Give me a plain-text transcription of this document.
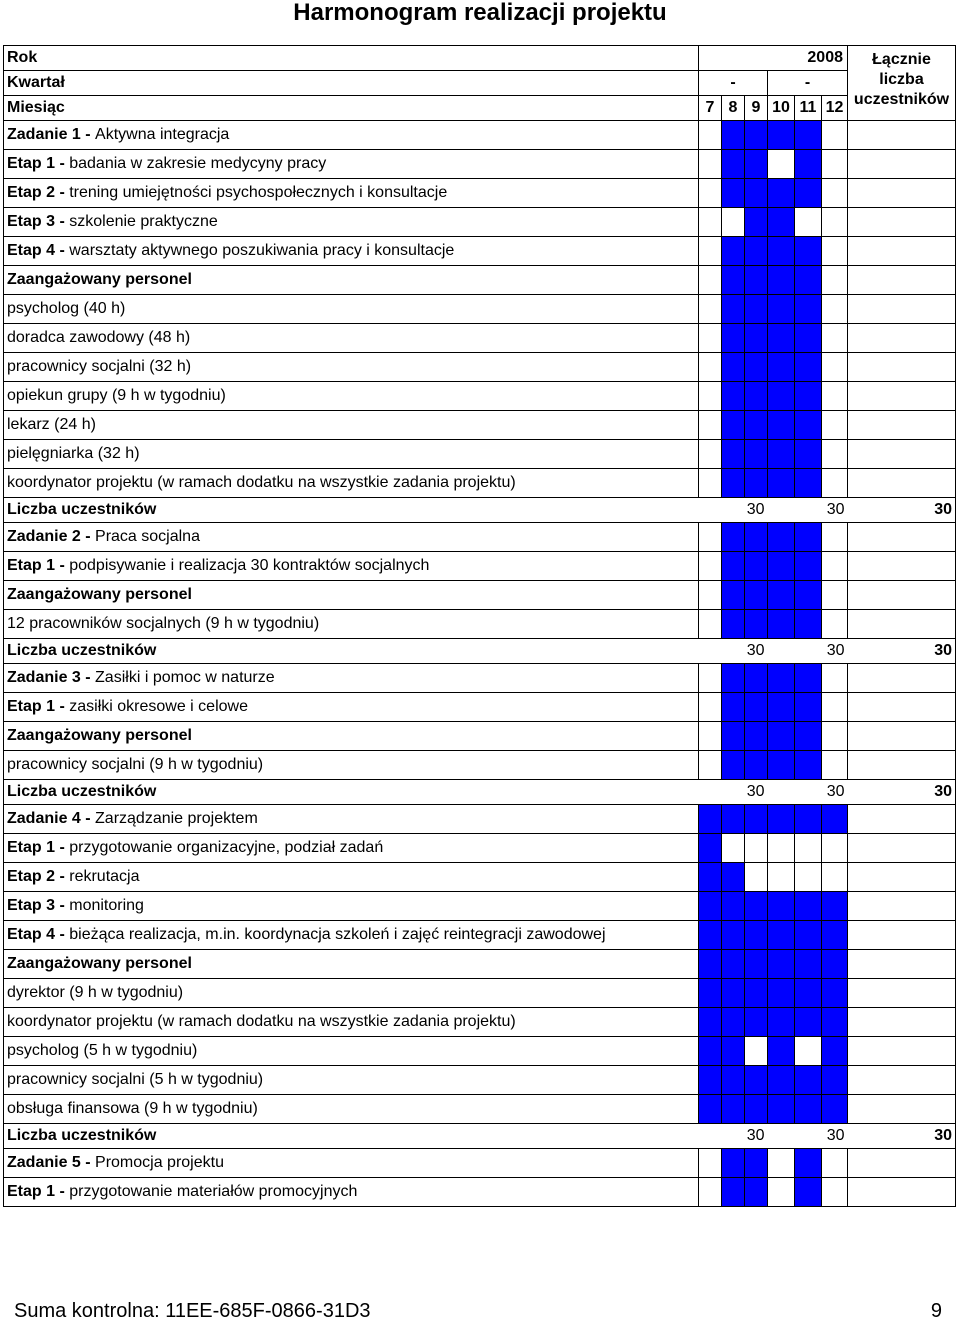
Harmonogram realizacji projektu
Rok	2008						Łącznie liczba uczestników
Kwartał	-			-			
Miesiąc	7	8	9	10	11	12	
Zadanie 1 - Aktywna integracja							
Etap 1 - badania w zakresie medycyny pracy							
Etap 2 - trening umiejętności psychospołecznych i konsultacje							
Etap 3 - szkolenie praktyczne							
Etap 4 - warsztaty aktywnego poszukiwania pracy i konsultacje							
Zaangażowany personel							
psycholog (40 h)							
doradca zawodowy (48 h)							
pracownicy socjalni (32 h)							
opiekun grupy (9 h w tygodniu)							
lekarz (24 h)							
pielęgniarka (32 h)							
koordynator projektu (w ramach dodatku na wszystkie zadania projektu)							
Liczba uczestników	30			30			30
Zadanie 2 - Praca socjalna							
Etap 1 - podpisywanie i realizacja 30 kontraktów socjalnych							
Zaangażowany personel							
12 pracowników socjalnych (9 h w tygodniu)							
Liczba uczestników	30			30			30
Zadanie 3 - Zasiłki i pomoc w naturze							
Etap 1 - zasiłki okresowe i celowe							
Zaangażowany personel							
pracownicy socjalni (9 h w tygodniu)							
Liczba uczestników	30			30			30
Zadanie 4 - Zarządzanie projektem							
Etap 1 - przygotowanie organizacyjne, podział zadań							
Etap 2 - rekrutacja							
Etap 3 - monitoring							
Etap 4 - bieżąca realizacja, m.in. koordynacja szkoleń i zajęć reintegracji zawodowej							
Zaangażowany personel							
dyrektor (9 h w tygodniu)							
koordynator projektu (w ramach dodatku na wszystkie zadania projektu)							
psycholog (5 h w tygodniu)							
pracownicy socjalni (5 h w tygodniu)							
obsługa finansowa (9 h w tygodniu)							
Liczba uczestników	30			30			30
Zadanie 5 - Promocja projektu							
Etap 1 - przygotowanie materiałów promocyjnych							
Suma kontrolna: 11EE-685F-0866-31D3	9
